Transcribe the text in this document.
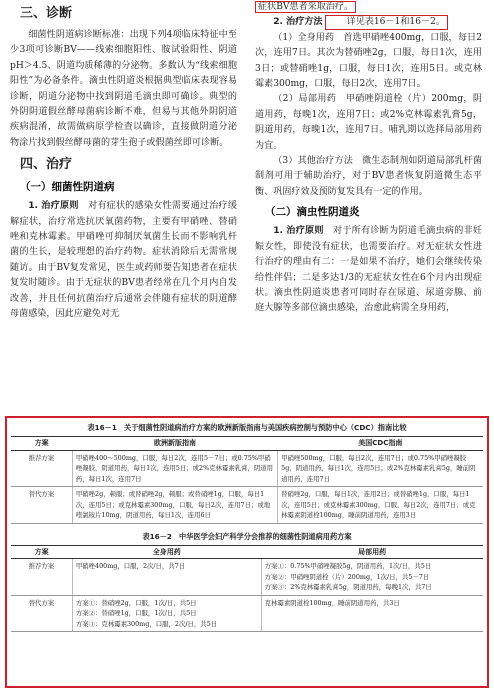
三、诊断

细菌性阴道病诊断标准：出现下列4项临床特征中至少3项可诊断BV——线索细胞阳性、胺试验阳性、阴道pH＞4.5、阴道均质稀薄的分泌物。多数认为“线索细胞阳性”为必备条件。滴虫性阴道炎根据典型临床表现容易诊断，阴道分泌物中找到阴道毛滴虫即可确诊。典型的外阴阴道假丝酵母菌病诊断不难，但易与其他外阴阴道疾病混淆，故需做病原学检查以确诊，直接做阴道分泌物涂片找到假丝酵母菌的芽生孢子或假菌丝即可诊断。

四、治疗
（一）细菌性阴道病

1. 治疗原则　 对有症状的感染女性需要通过治疗缓解症状，治疗常选抗厌氧菌药物，主要有甲硝唑、替硝唑和克林霉素。甲硝唑可抑制厌氧菌生长而不影响乳杆菌的生长，是较理想的治疗药物。症状消除后无需常规随访。由于BV复发常见，医生或药师要告知患者在症状复发时随诊。由于无症状的BV患者经常在几个月内自发改善，并且任何抗菌治疗后通常会伴随有症状的阴道酵母菌感染，因此应避免对无

症状BV患者采取治疗。

2. 治疗方法	详见表16－1和16－2。

（1）全身用药　首选甲硝唑400mg，口服，每日2次，连用7日。其次为替硝唑2g，口服，每日1次，连用3日；或替硝唑1g，口服，每日1次，连用5日。或克林霉素300mg，口服，每日2次，连用7日。

（2）局部用药　甲硝唑阴道栓（片）200mg，阴道用药，每晚1次，连用7日；或2%克林霉素乳膏5g，阴道用药，每晚1次，连用7日。哺乳期以选择局部用药为宜。

（3）其他治疗方法　微生态制剂如阴道局部乳杆菌制剂可用于辅助治疗，对于BV患者恢复阴道微生态平衡、巩固疗效及预防复发具有一定的作用。

（二）滴虫性阴道炎

1. 治疗原则　 对于所有诊断为阴道毛滴虫病的非妊娠女性，即使没有症状，也需要治疗。对无症状女性进行治疗的理由有二：一是如果不治疗，她们会继续传染给性伴侣；二是多达1/3的无症状女性在6个月内出现症状。滴虫性阴道炎患者可同时存在尿道、尿道旁腺、前庭大腺等多部位滴虫感染，治愈此病需全身用药，

表16－1　关于细菌性阴道病治疗方案的欧洲新版指南与美国疾病控制与预防中心（CDC）指南比较
方案	欧洲新版指南	美国CDC指南
推荐方案	甲硝唑400～500mg，口服，每日2次，连用5－7日；或0.75%甲硝唑凝胶，阴道用药，每日1次，连用5日；或2%克林霉素乳膏，阴道用药，每日1次，连用7日	甲硝唑500mg，口服，每日2次，连用7日；或0.75%甲硝唑凝胶5g，阴道用药，每日1次，连用5日；或2%克林霉素乳膏5g，睡前阴道用药，连用7日
替代方案	甲硝唑2g，顿服；或替硝唑2g，顿服；或替硝唑1g，口服，每日1次，连用5日；或克林霉素300mg，口服，每日2次，连用7日；或地喹氯铵片10mg，阴道用药，每日1次，连用6日	替硝唑2g，口服，每日1次，连用2日；或替硝唑1g，口服，每日1次，连用5日；或克林霉素300mg，口服，每日2次，连用7日；或克林霉素阴道栓100mg，睡前阴道用药，连用3日
表16－2　中华医学会妇产科学分会推荐的细菌性阴道病用药方案
方案	全身用药	局部用药
推荐方案	甲硝唑400mg，口服，2次/日，共7日	方案①：0.75%甲硝唑凝胶5g，阴道用药，1次/日，共5日
方案②：甲硝唑阴道栓（片）200mg，1次/日，共5－7日
方案③：2%克林霉素乳膏5g，阴道用药，每晚1次，共7日

替代方案	方案①：替硝唑2g，口服，1次/日，共5日
方案②：替硝唑1g，口服，1次/日，共5日
方案③：克林霉素300mg，口服，2次/日，共5日	克林霉素阴道栓100mg，睡前阴道用药，共3日
